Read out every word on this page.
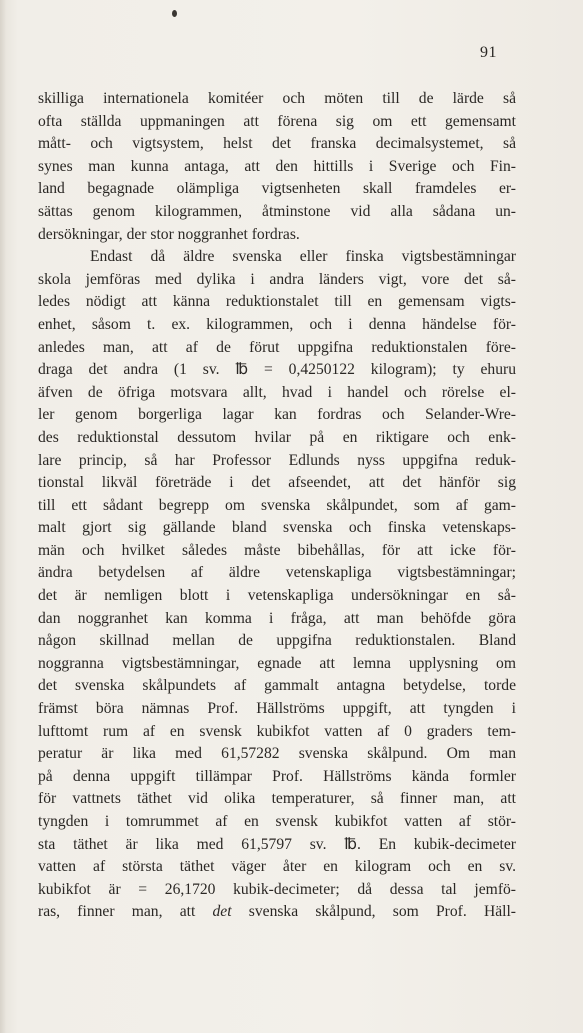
91
skilliga internationela komitéer och möten till de lärde så
ofta ställda uppmaningen att förena sig om ett gemensamt
mått- och vigtsystem, helst det franska decimalsystemet, så
synes man kunna antaga, att den hittills i Sverige och Fin-
land begagnade olämpliga vigtsenheten skall framdeles er-
sättas genom kilogrammen, åtminstone vid alla sådana un-
dersökningar, der stor noggranhet fordras.
Endast då äldre svenska eller finska vigtsbestämningar
skola jemföras med dylika i andra länders vigt, vore det så-
ledes nödigt att känna reduktionstalet till en gemensam vigts-
enhet, såsom t. ex. kilogrammen, och i denna händelse för-
anledes man, att af de förut uppgifna reduktionstalen före-
draga det andra (1 sv. ℔ = 0,4250122 kilogram); ty ehuru
äfven de öfriga motsvara allt, hvad i handel och rörelse el-
ler genom borgerliga lagar kan fordras och Selander-Wre-
des reduktionstal dessutom hvilar på en riktigare och enk-
lare princip, så har Professor Edlunds nyss uppgifna reduk-
tionstal likväl företräde i det afseendet, att det hänför sig
till ett sådant begrepp om svenska skålpundet, som af gam-
malt gjort sig gällande bland svenska och finska vetenskaps-
män och hvilket således måste bibehållas, för att icke för-
ändra betydelsen af äldre vetenskapliga vigtsbestämningar;
det är nemligen blott i vetenskapliga undersökningar en så-
dan noggranhet kan komma i fråga, att man behöfde göra
någon skillnad mellan de uppgifna reduktionstalen. Bland
noggranna vigtsbestämningar, egnade att lemna upplysning om
det svenska skålpundets af gammalt antagna betydelse, torde
främst böra nämnas Prof. Hällströms uppgift, att tyngden i
lufttomt rum af en svensk kubikfot vatten af 0 graders tem-
peratur är lika med 61,57282 svenska skålpund. Om man
på denna uppgift tillämpar Prof. Hällströms kända formler
för vattnets täthet vid olika temperaturer, så finner man, att
tyngden i tomrummet af en svensk kubikfot vatten af stör-
sta täthet är lika med 61,5797 sv. ℔. En kubik-decimeter
vatten af största täthet väger åter en kilogram och en sv.
kubikfot är = 26,1720 kubik-decimeter; då dessa tal jemfö-
ras, finner man, att det svenska skålpund, som Prof. Häll-
